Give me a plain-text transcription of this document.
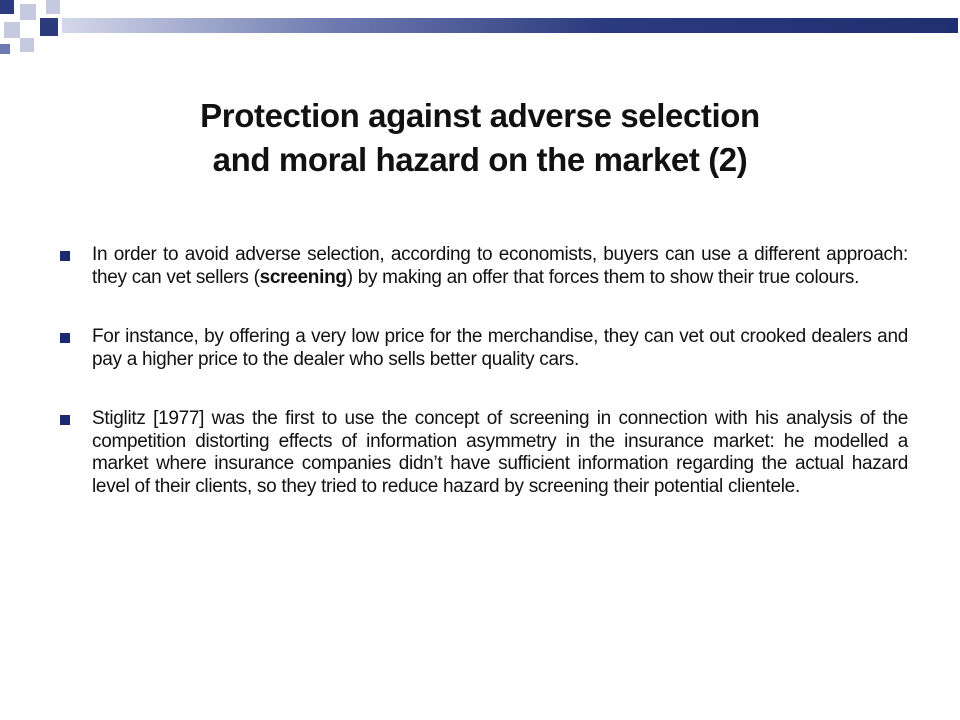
Protection against adverse selection
and moral hazard on the market (2)
In order to avoid adverse selection, according to economists, buyers can use a different approach: they can vet sellers (screening) by making an offer that forces them to show their true colours.
For instance, by offering a very low price for the merchandise, they can vet out crooked dealers and pay a higher price to the dealer who sells better quality cars.
Stiglitz [1977] was the first to use the concept of screening in connection with his analysis of the competition distorting effects of information asymmetry in the insurance market: he modelled a market where insurance companies didn’t have sufficient information regarding the actual hazard level of their clients, so they tried to reduce hazard by screening their potential clientele.
